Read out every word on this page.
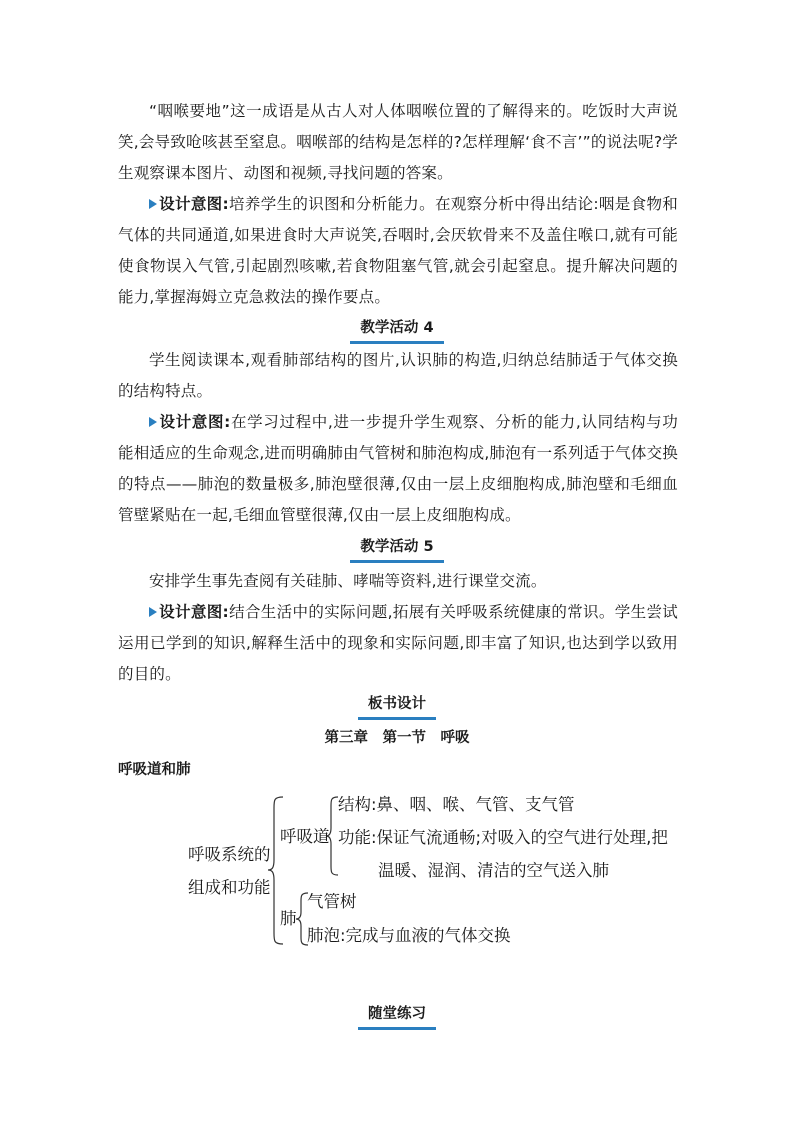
“咽喉要地”这一成语是从古人对人体咽喉位置的了解得来的。吃饭时大声说笑,会导致呛咳甚至窒息。咽喉部的结构是怎样的?怎样理解‘食不言’”的说法呢?学生观察课本图片、动图和视频,寻找问题的答案。

设计意图:培养学生的识图和分析能力。在观察分析中得出结论:咽是食物和气体的共同通道,如果进食时大声说笑,吞咽时,会厌软骨来不及盖住喉口,就有可能使食物误入气管,引起剧烈咳嗽,若食物阻塞气管,就会引起窒息。提升解决问题的能力,掌握海姆立克急救法的操作要点。

教学活动 4

学生阅读课本,观看肺部结构的图片,认识肺的构造,归纳总结肺适于气体交换的结构特点。

设计意图:在学习过程中,进一步提升学生观察、分析的能力,认同结构与功能相适应的生命观念,进而明确肺由气管树和肺泡构成,肺泡有一系列适于气体交换的特点——肺泡的数量极多,肺泡壁很薄,仅由一层上皮细胞构成,肺泡壁和毛细血管壁紧贴在一起,毛细血管壁很薄,仅由一层上皮细胞构成。

教学活动 5

安排学生事先查阅有关硅肺、哮喘等资料,进行课堂交流。

设计意图:结合生活中的实际问题,拓展有关呼吸系统健康的常识。学生尝试运用已学到的知识,解释生活中的现象和实际问题,即丰富了知识,也达到学以致用的目的。

板书设计
第三章　第一节　呼吸
呼吸道和肺
呼吸系统的
组成和功能
呼吸道
结构:鼻、咽、喉、气管、支气管
功能:保证气流通畅;对吸入的空气进行处理,把
温暖、湿润、清洁的空气送入肺
肺
气管树
肺泡:完成与血液的气体交换
随堂练习
